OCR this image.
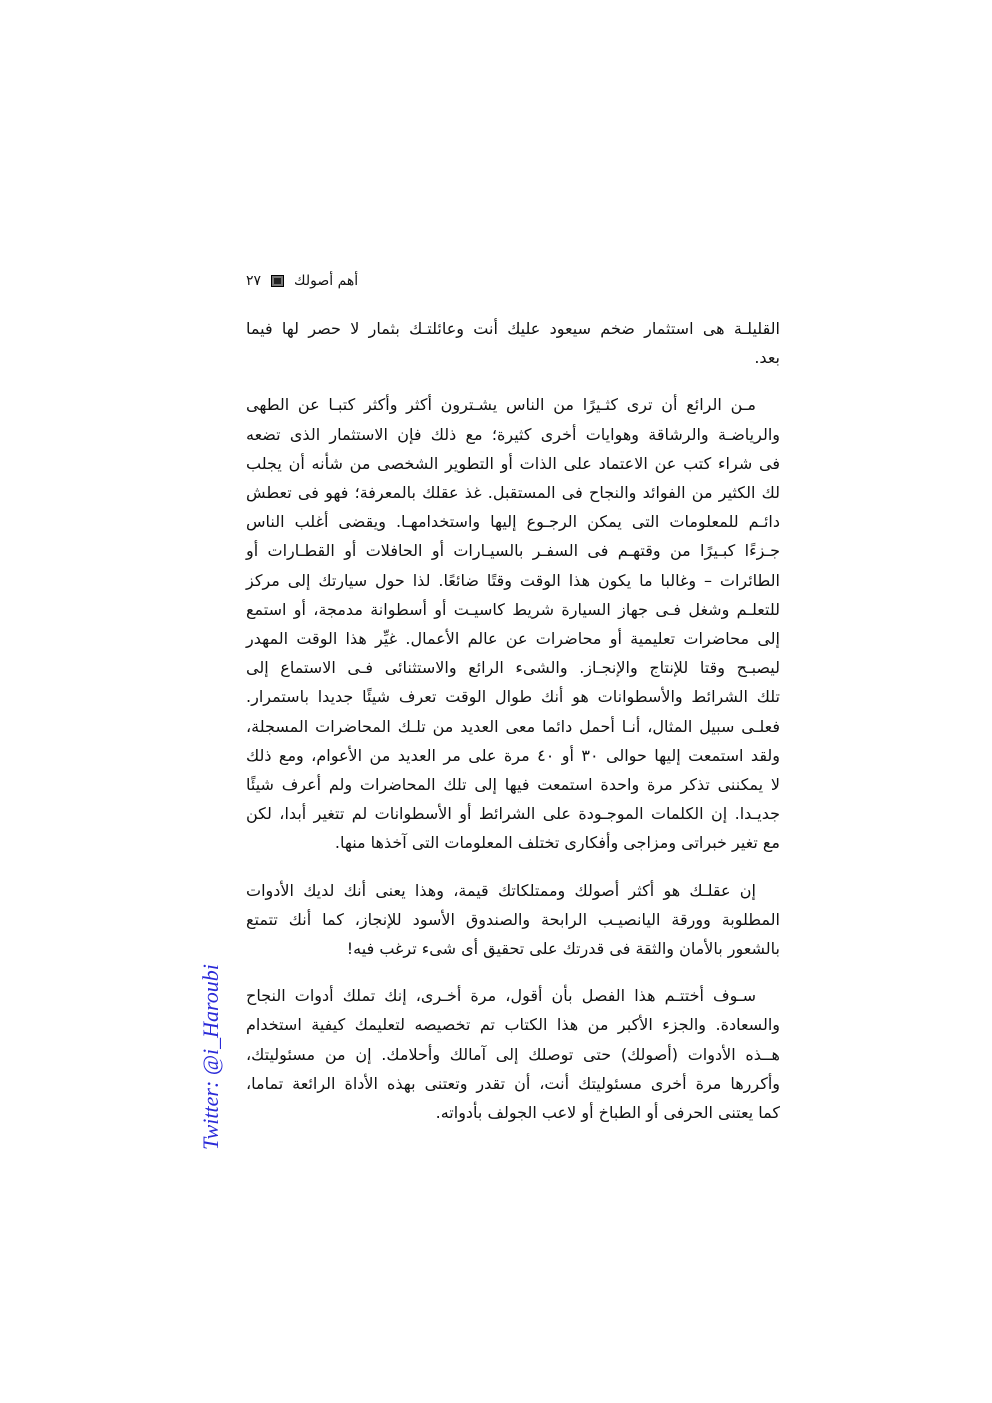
٢٧ أهم أصولك

القليلـة هى استثمار ضخم سيعود عليك أنت وعائلتـك بثمار لا حصر لها فيما
بعد.

مـن الرائع أن ترى كثـيرًا من الناس يشـترون أكثر وأكثر كتبـا عن الطهى
والرياضـة والرشاقة وهوايات أخرى كثيرة؛ مع ذلك فإن الاستثمار الذى تضعه
فى شراء كتب عن الاعتماد على الذات أو التطوير الشخصى من شأنه أن يجلب
لك الكثير من الفوائد والنجاح فى المستقبل. غذ عقلك بالمعرفة؛ فهو فى تعطش
دائـم للمعلومات التى يمكن الرجـوع إليها واستخدامهـا. ويقضى أغلب الناس
جـزءًا كبـيرًا من وقتهـم فى السفـر بالسيـارات أو الحافلات أو القطـارات أو
الطائرات – وغالبا ما يكون هذا الوقت وقتًا ضائعًا. لذا حول سيارتك إلى مركز
للتعلـم وشغل فـى جهاز السيارة شريط كاسيـت أو أسطوانة مدمجة، أو استمع
إلى محاضرات تعليمية أو محاضرات عن عالم الأعمال. غيِّر هذا الوقت المهدر
ليصبـح وقتا للإنتاج والإنجـاز. والشىء الرائع والاستثنائى فـى الاستماع إلى
تلك الشرائط والأسطوانات هو أنك طوال الوقت تعرف شيئًا جديدا باستمرار.
فعلـى سبيل المثال، أنـا أحمل دائما معى العديد من تلـك المحاضرات المسجلة،
ولقد استمعت إليها حوالى ٣٠ أو ٤٠ مرة على مر العديد من الأعوام، ومع ذلك
لا يمكننى تذكر مرة واحدة استمعت فيها إلى تلك المحاضرات ولم أعرف شيئًا
جديـدا. إن الكلمات الموجـودة على الشرائط أو الأسطوانات لم تتغير أبدا، لكن
مع تغير خبراتى ومزاجى وأفكارى تختلف المعلومات التى آخذها منها.

إن عقلـك هو أكثر أصولك وممتلكاتك قيمة، وهذا يعنى أنك لديك الأدوات
المطلوبة وورقة اليانصيـب الرابحة والصندوق الأسود للإنجاز، كما أنك تتمتع
بالشعور بالأمان والثقة فى قدرتك على تحقيق أى شىء ترغب فيه!

سـوف أختتـم هذا الفصل بأن أقول، مرة أخـرى، إنك تملك أدوات النجاح
والسعادة. والجزء الأكبر من هذا الكتاب تم تخصيصه لتعليمك كيفية استخدام
هــذه الأدوات (أصولك) حتى توصلك إلى آمالك وأحلامك. إن من مسئوليتك،
وأكررها مرة أخرى مسئوليتك أنت، أن تقدر وتعتنى بهذه الأداة الرائعة تماما،
كما يعتنى الحرفى أو الطباخ أو لاعب الجولف بأدواته.

Twitter: @i_Haroubi
